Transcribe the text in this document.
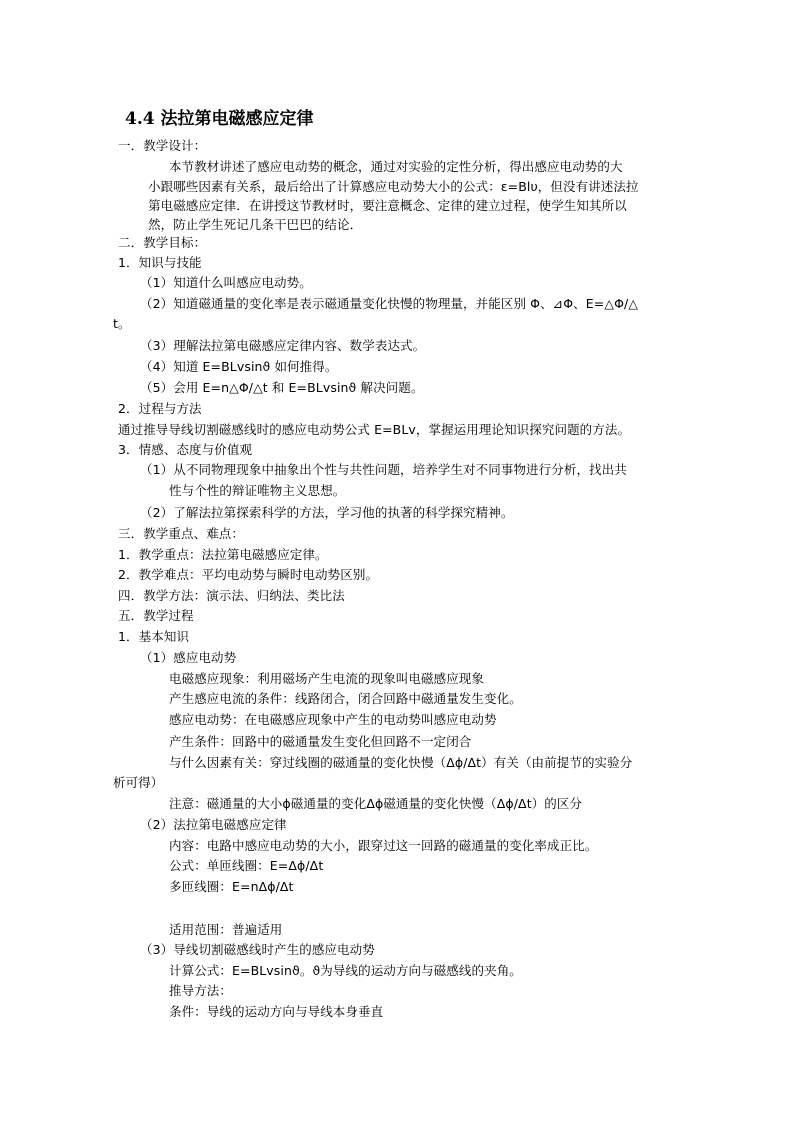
4.4 法拉第电磁感应定律
一．教学设计：
本节教材讲述了感应电动势的概念，通过对实验的定性分析，得出感应电动势的大
小跟哪些因素有关系，最后给出了计算感应电动势大小的公式：ε=Blυ，但没有讲述法拉
第电磁感应定律．在讲授这节教材时，要注意概念、定律的建立过程，使学生知其所以
然，防止学生死记几条干巴巴的结论．
二．教学目标：
1．知识与技能
（1）知道什么叫感应电动势。
（2）知道磁通量的变化率是表示磁通量变化快慢的物理量，并能区别 Φ、⊿Φ、E=△Φ/△
t。
（3）理解法拉第电磁感应定律内容、数学表达式。
（4）知道 E=BLvsinϑ 如何推得。
（5）会用 E=n△Φ/△t 和 E=BLvsinϑ 解决问题。
2．过程与方法
通过推导导线切割磁感线时的感应电动势公式 E=BLv，掌握运用理论知识探究问题的方法。
3．情感、态度与价值观
（1）从不同物理现象中抽象出个性与共性问题，培养学生对不同事物进行分析，找出共
性与个性的辩证唯物主义思想。
（2）了解法拉第探索科学的方法，学习他的执著的科学探究精神。
三．教学重点、难点：
1．教学重点：法拉第电磁感应定律。
2．教学难点：平均电动势与瞬时电动势区别。
四．教学方法：演示法、归纳法、类比法
五．教学过程
1．基本知识
（1）感应电动势
电磁感应现象：利用磁场产生电流的现象叫电磁感应现象
产生感应电流的条件：线路闭合，闭合回路中磁通量发生变化。
感应电动势：在电磁感应现象中产生的电动势叫感应电动势
产生条件：回路中的磁通量发生变化但回路不一定闭合
与什么因素有关：穿过线圈的磁通量的变化快慢（Δϕ/Δt）有关（由前提节的实验分
析可得）
注意：磁通量的大小ϕ磁通量的变化Δϕ磁通量的变化快慢（Δϕ/Δt）的区分
（2）法拉第电磁感应定律
内容：电路中感应电动势的大小，跟穿过这一回路的磁通量的变化率成正比。
公式：单匝线圈：E=Δϕ/Δt
多匝线圈：E=nΔϕ/Δt
适用范围：普遍适用
（3）导线切割磁感线时产生的感应电动势
计算公式：E=BLvsinϑ。ϑ为导线的运动方向与磁感线的夹角。
推导方法：
条件：导线的运动方向与导线本身垂直
